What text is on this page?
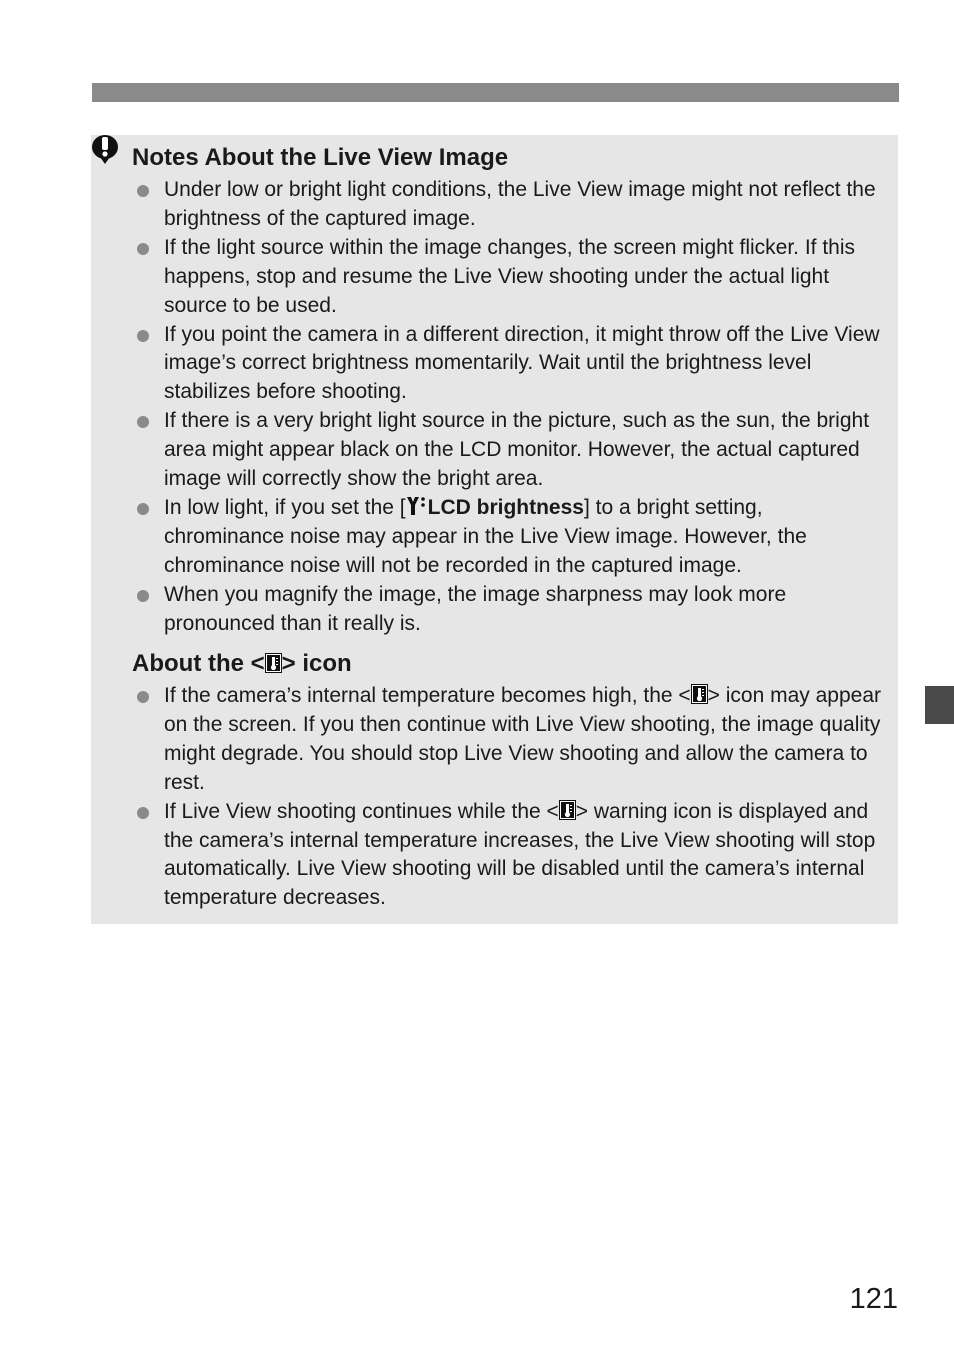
Notes About the Live View Image
Under low or bright light conditions, the Live View image might not reflect the brightness of the captured image.
If the light source within the image changes, the screen might flicker. If this happens, stop and resume the Live View shooting under the actual light source to be used.
If you point the camera in a different direction, it might throw off the Live View image’s correct brightness momentarily. Wait until the brightness level stabilizes before shooting.
If there is a very bright light source in the picture, such as the sun, the bright area might appear black on the LCD monitor. However, the actual captured image will correctly show the bright area.
In low light, if you set the [ LCD brightness] to a bright setting, chrominance noise may appear in the Live View image. However, the chrominance noise will not be recorded in the captured image.
When you magnify the image, the image sharpness may look more pronounced than it really is.
About the < > icon
If the camera’s internal temperature becomes high, the < > icon may appear on the screen. If you then continue with Live View shooting, the image quality might degrade. You should stop Live View shooting and allow the camera to rest.
If Live View shooting continues while the < > warning icon is displayed and the camera’s internal temperature increases, the Live View shooting will stop automatically. Live View shooting will be disabled until the camera’s internal temperature decreases.
121
